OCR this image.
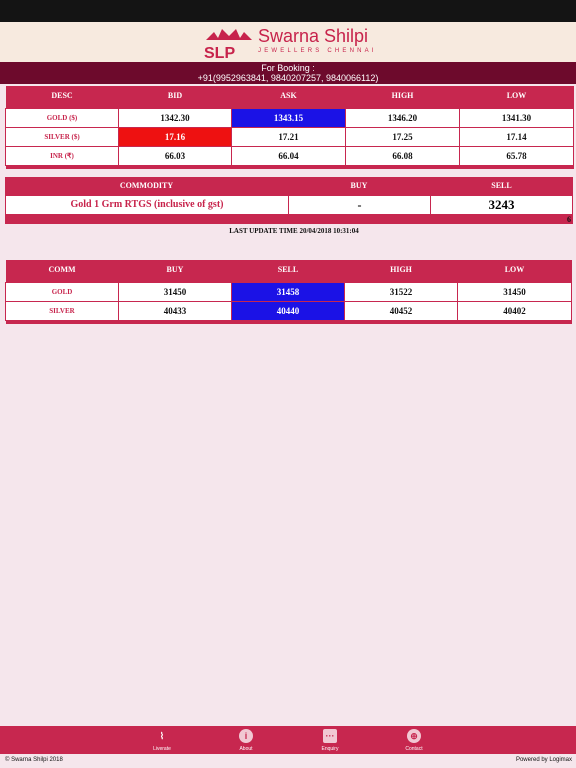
SLP
Swarna Shilpi
JEWELLERS CHENNAI
For Booking :
+91(9952963841, 9840207257, 9840066112)
DESC	BID	ASK	HIGH	LOW

GOLD ($)	1342.30	1343.15	1346.20	1341.30
SILVER ($)	17.16	17.21	17.25	17.14
INR (₹)	66.03	66.04	66.08	65.78

COMMODITY	BUY	SELL
Gold 1 Grm RTGS (inclusive of gst)	-	3243
6
LAST UPDATE TIME 20/04/2018 10:31:04
COMM	BUY	SELL	HIGH	LOW

GOLD	31450	31458	31522	31450
SILVER	40433	40440	40452	40402

⌇
Liverate
i
About
···
Enquiry
⊕
Contact
© Swarna Shilpi 2018	Powered by Logimax
